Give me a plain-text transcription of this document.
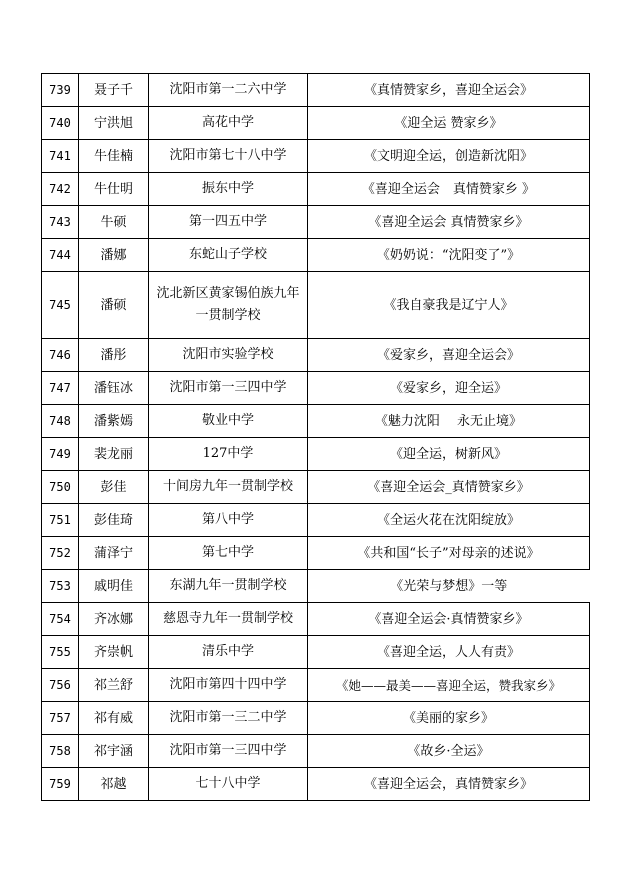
739	聂子千	沈阳市第一二六中学	《真情赞家乡，喜迎全运会》
740	宁洪旭	高花中学	《迎全运 赞家乡》
741	牛佳楠	沈阳市第七十八中学	《文明迎全运，创造新沈阳》
742	牛仕明	振东中学	《喜迎全运会　真情赞家乡 》
743	牛硕	第一四五中学	《喜迎全运会 真情赞家乡》
744	潘娜	东蛇山子学校	《奶奶说：“沈阳变了”》
745	潘硕	沈北新区黄家锡伯族九年一贯制学校	《我自豪我是辽宁人》
746	潘彤	沈阳市实验学校	《爱家乡，喜迎全运会》
747	潘钰冰	沈阳市第一三四中学	《爱家乡，迎全运》
748	潘紫嫣	敬业中学	《魅力沈阳　 永无止境》
749	裴龙丽	127中学	《迎全运，树新风》
750	彭佳	十间房九年一贯制学校	《喜迎全运会_真情赞家乡》
751	彭佳琦	第八中学	《全运火花在沈阳绽放》
752	蒲泽宁	第七中学	《共和国“长子”对母亲的述说》
753	戚明佳	东湖九年一贯制学校	《光荣与梦想》一等
754	齐冰娜	慈恩寺九年一贯制学校	《喜迎全运会·真情赞家乡》
755	齐崇帆	清乐中学	《喜迎全运，人人有责》
756	祁兰舒	沈阳市第四十四中学	《她——最美——喜迎全运，赞我家乡》
757	祁有威	沈阳市第一三二中学	《美丽的家乡》
758	祁宇涵	沈阳市第一三四中学	《故乡·全运》
759	祁越	七十八中学	《喜迎全运会，真情赞家乡》
